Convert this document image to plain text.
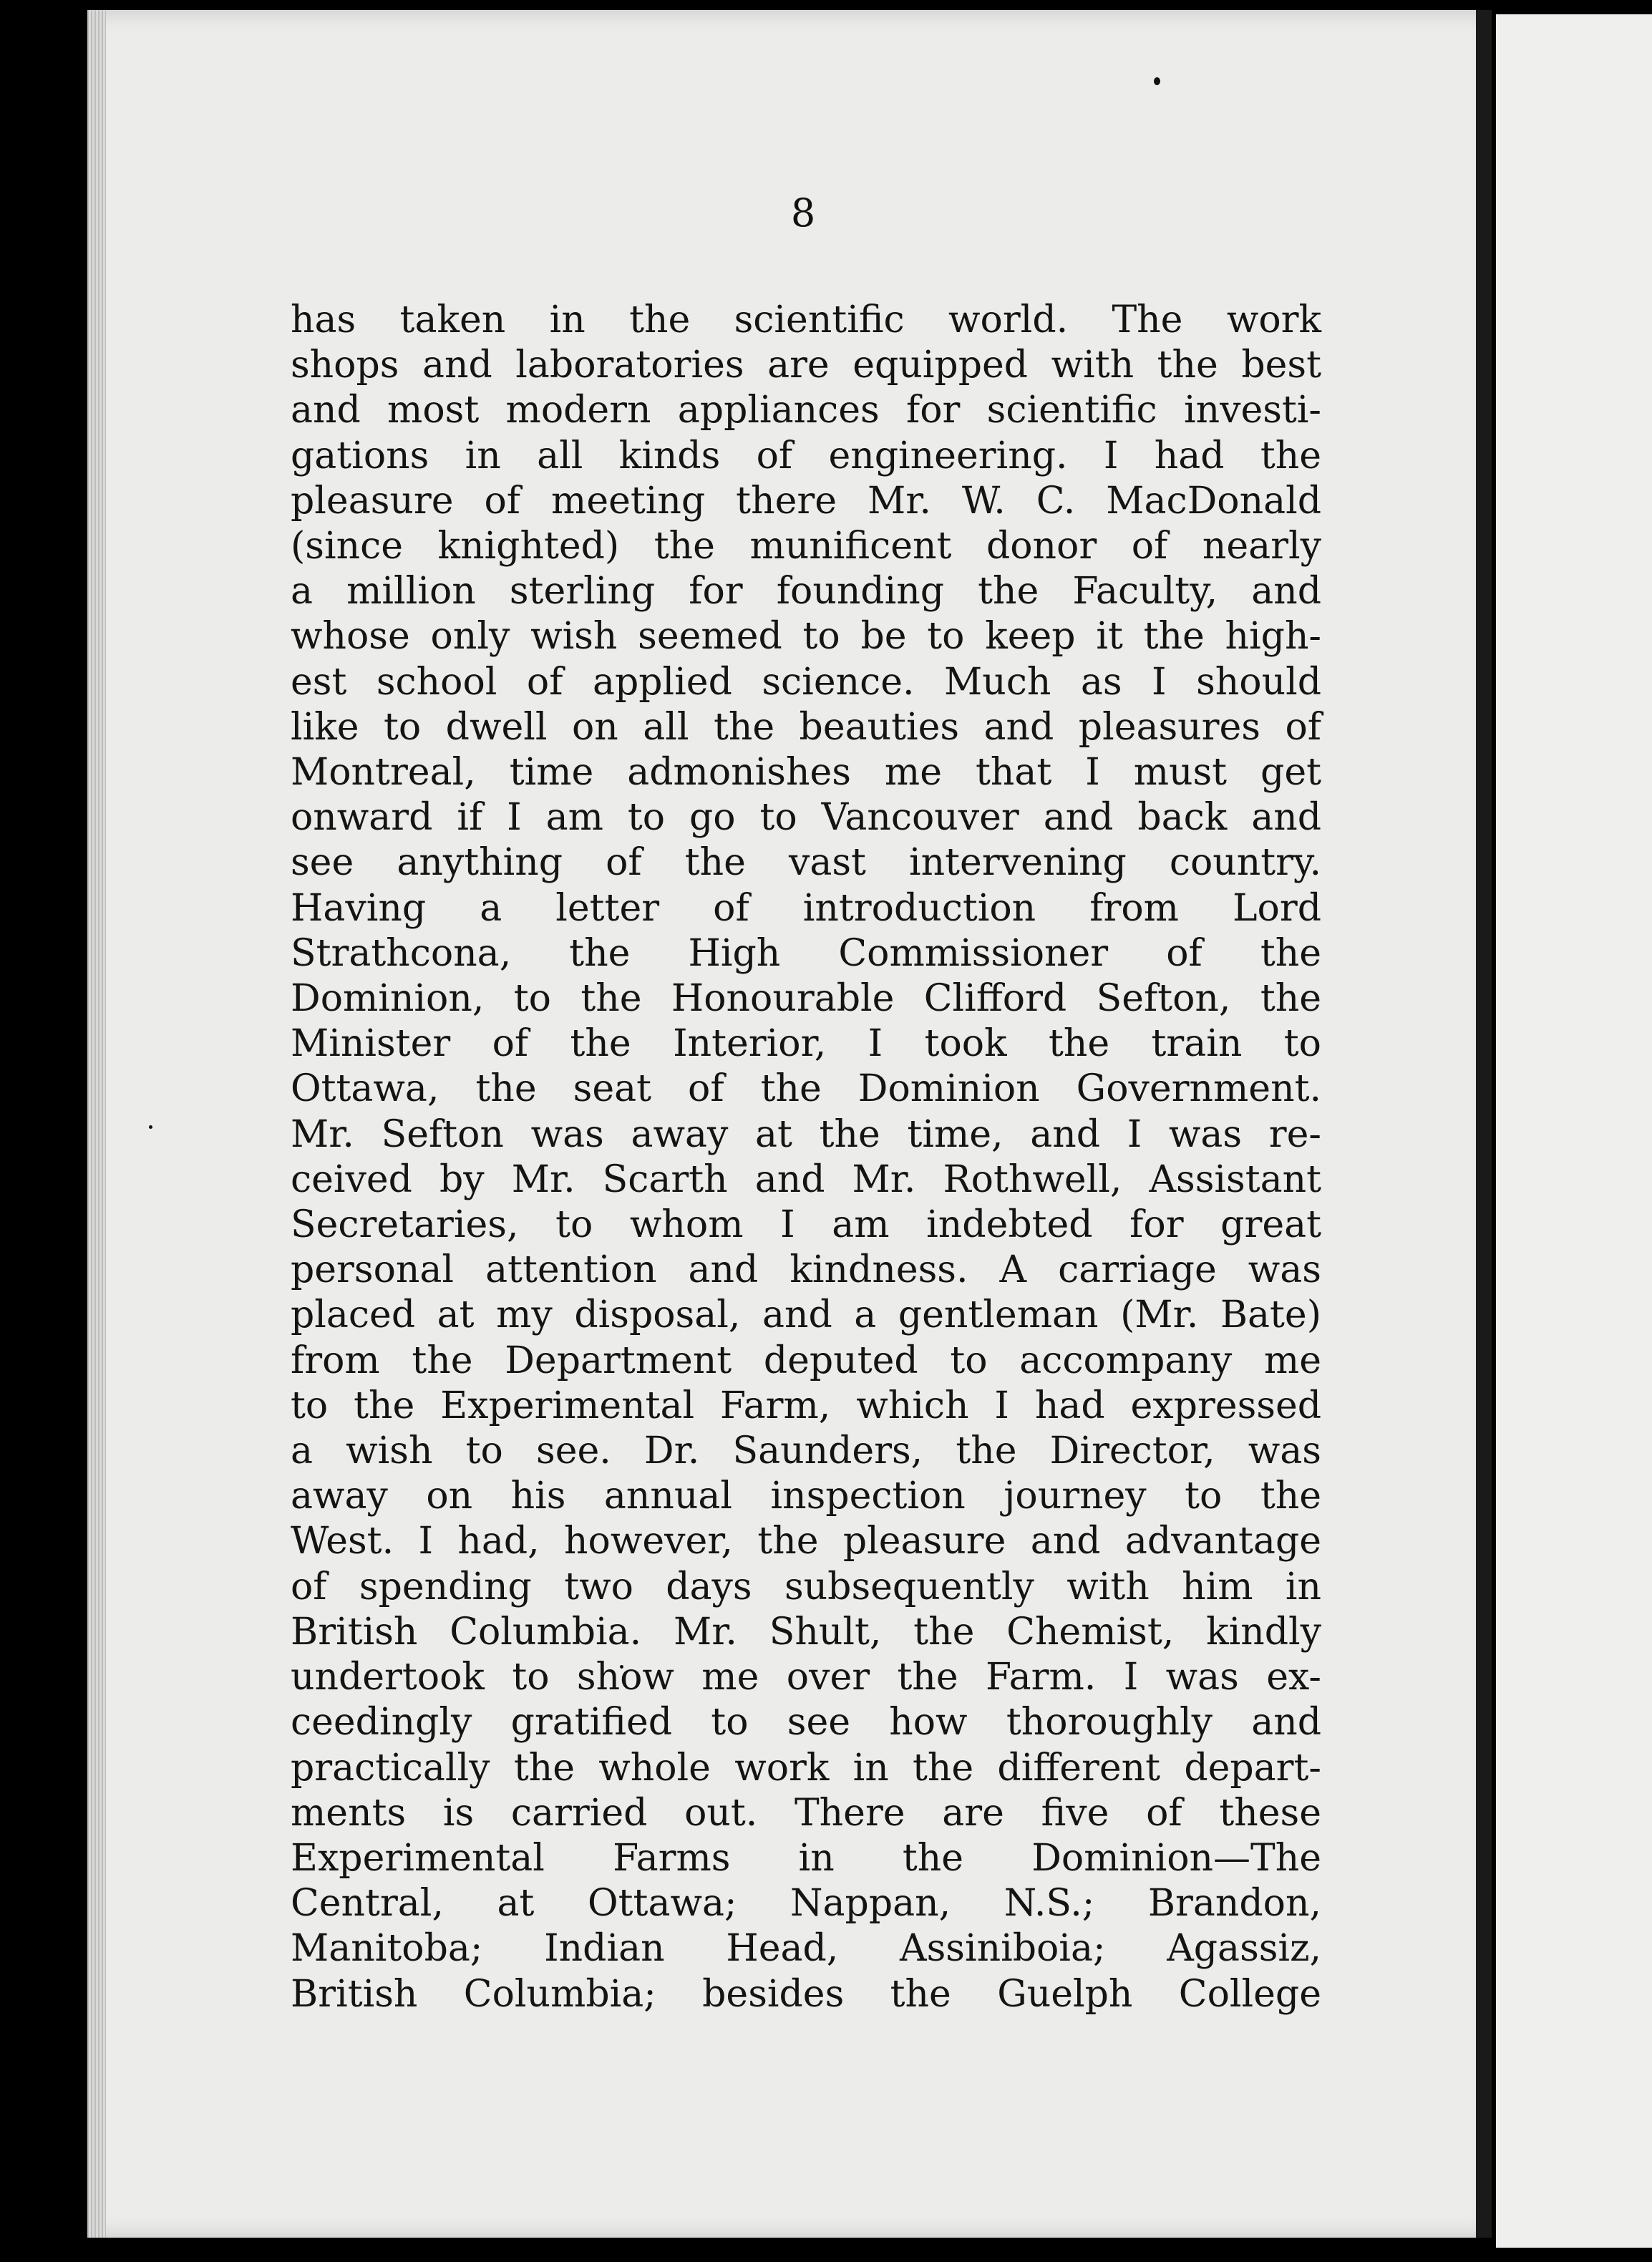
8
has taken in the scientific world. The work
shops and laboratories are equipped with the best
and most modern appliances for scientific investi-
gations in all kinds of engineering. I had the
pleasure of meeting there Mr. W. C. MacDonald
(since knighted) the munificent donor of nearly
a million sterling for founding the Faculty, and
whose only wish seemed to be to keep it the high-
est school of applied science. Much as I should
like to dwell on all the beauties and pleasures of
Montreal, time admonishes me that I must get
onward if I am to go to Vancouver and back and
see anything of the vast intervening country.
Having a letter of introduction from Lord
Strathcona, the High Commissioner of the
Dominion, to the Honourable Clifford Sefton, the
Minister of the Interior, I took the train to
Ottawa, the seat of the Dominion Government.
Mr. Sefton was away at the time, and I was re-
ceived by Mr. Scarth and Mr. Rothwell, Assistant
Secretaries, to whom I am indebted for great
personal attention and kindness. A carriage was
placed at my disposal, and a gentleman (Mr. Bate)
from the Department deputed to accompany me
to the Experimental Farm, which I had expressed
a wish to see. Dr. Saunders, the Director, was
away on his annual inspection journey to the
West. I had, however, the pleasure and advantage
of spending two days subsequently with him in
British Columbia. Mr. Shult, the Chemist, kindly
undertook to show me over the Farm. I was ex-
ceedingly gratified to see how thoroughly and
practically the whole work in the different depart-
ments is carried out. There are five of these
Experimental Farms in the Dominion—The
Central, at Ottawa; Nappan, N.S.; Brandon,
Manitoba; Indian Head, Assiniboia; Agassiz,
British Columbia; besides the Guelph College
